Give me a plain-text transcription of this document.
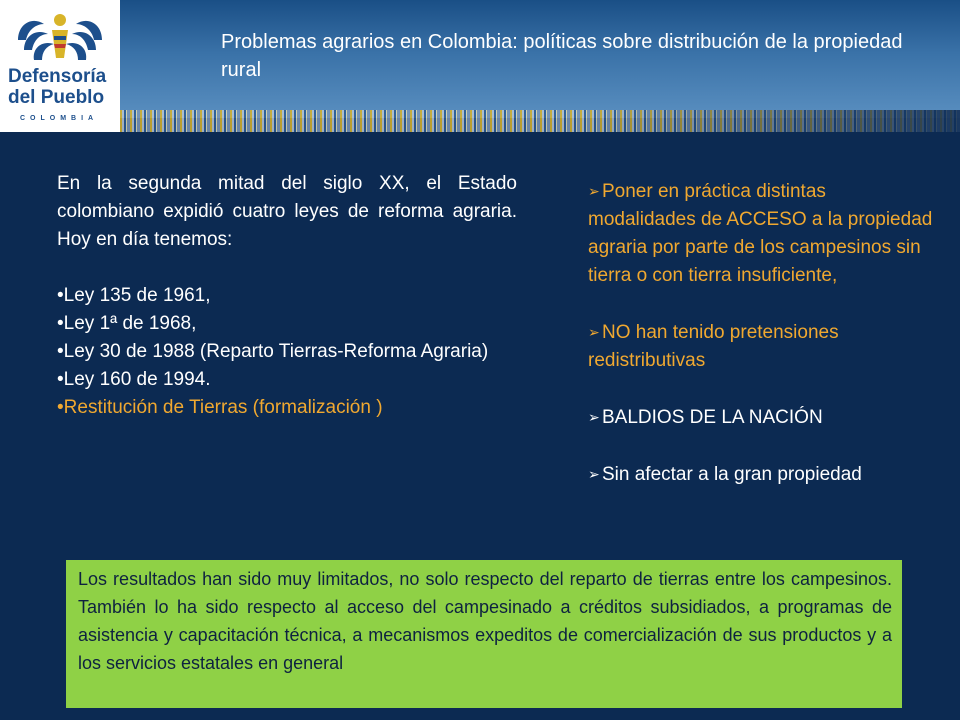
Defensoría
del Pueblo
COLOMBIA
Problemas agrarios en Colombia: políticas sobre distribución de la propiedad rural

En la segunda mitad del siglo XX, el Estado colombiano expidió cuatro leyes de reforma agraria. Hoy en día tenemos:

•Ley 135 de 1961,

•Ley 1ª de 1968,

•Ley 30 de 1988 (Reparto Tierras-Reforma Agraria)

•Ley 160 de 1994.

•Restitución de Tierras (formalización )

➢ Poner en práctica distintas modalidades de ACCESO a la propiedad agraria por parte de los campesinos sin tierra o con tierra insuficiente,

➢ NO han tenido pretensiones redistributivas

➢ BALDIOS DE LA NACIÓN

➢ Sin afectar a la gran propiedad

Los resultados han sido muy limitados, no solo respecto del reparto de tierras entre los campesinos. También lo ha sido respecto al acceso del campesinado a créditos subsidiados, a programas de asistencia y capacitación técnica, a mecanismos expeditos de comercialización de sus productos y a los servicios estatales en general
